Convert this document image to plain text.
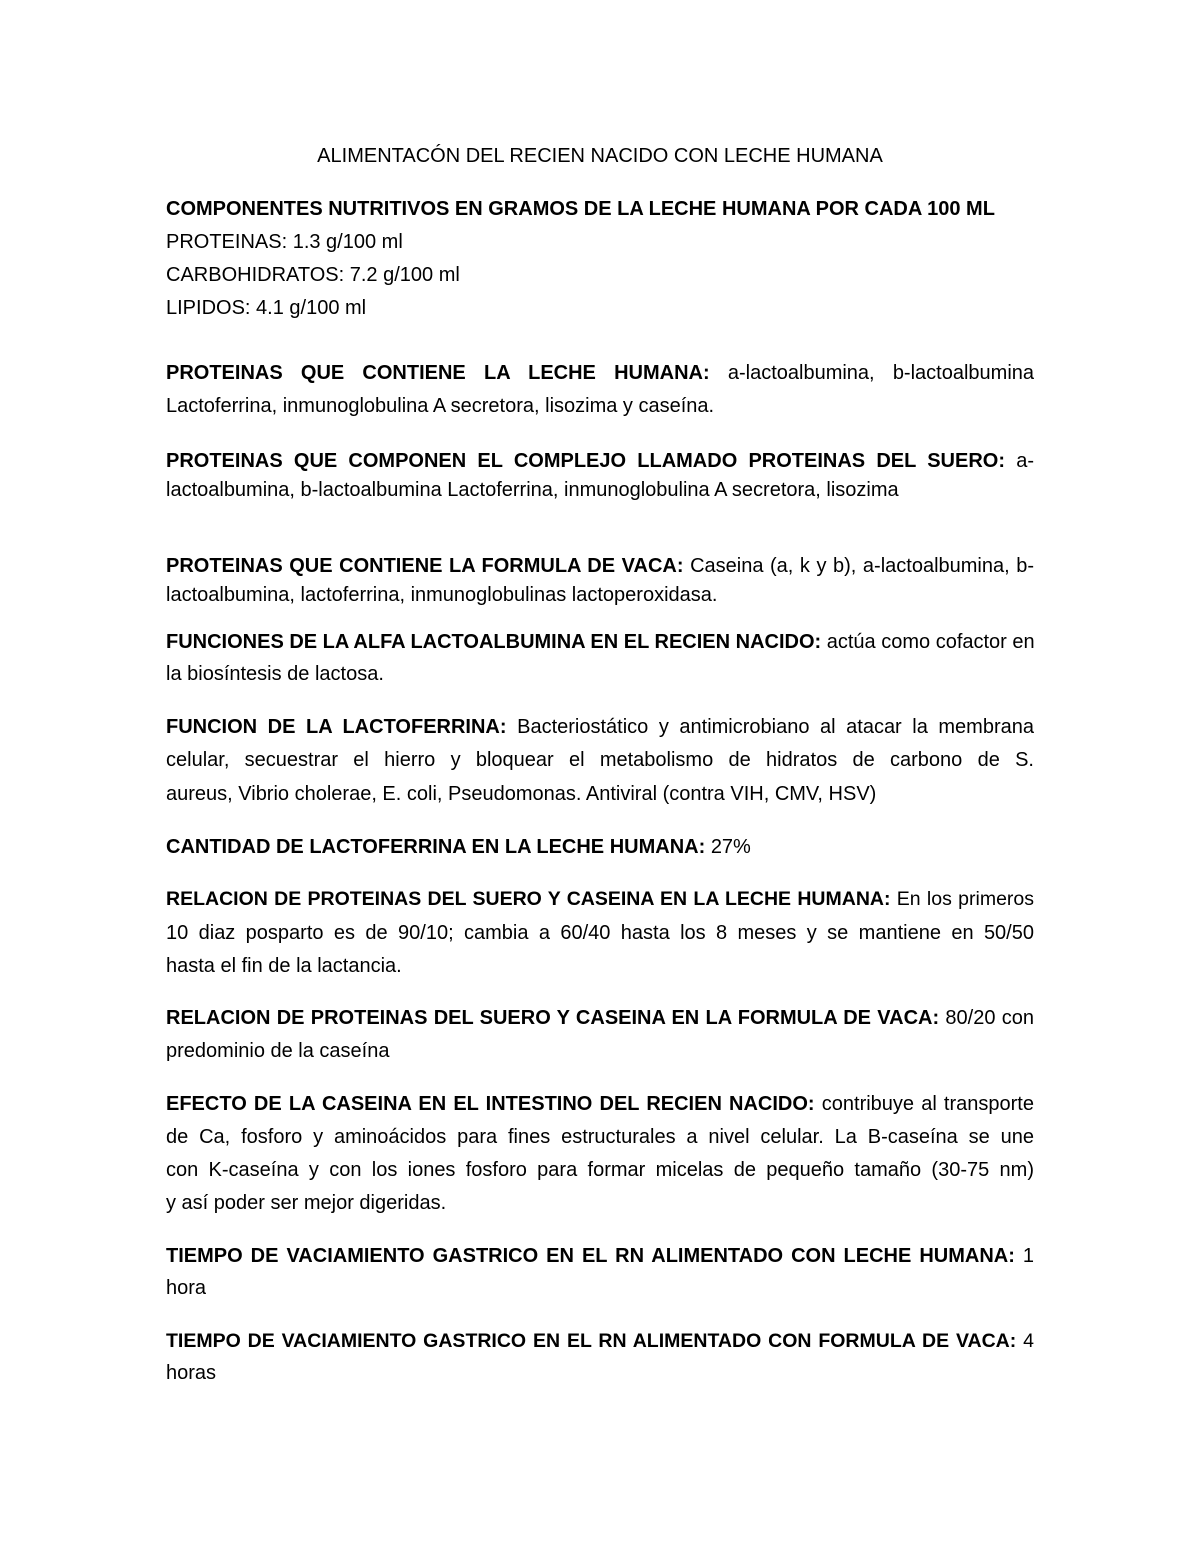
ALIMENTACÓN DEL RECIEN NACIDO CON LECHE HUMANA
COMPONENTES NUTRITIVOS EN GRAMOS DE LA LECHE HUMANA POR CADA 100 ML
PROTEINAS: 1.3 g/100 ml
CARBOHIDRATOS: 7.2 g/100 ml
LIPIDOS: 4.1 g/100 ml
PROTEINAS QUE CONTIENE LA LECHE HUMANA: a-lactoalbumina, b-lactoalbumina
Lactoferrina, inmunoglobulina A secretora, lisozima y caseína.
PROTEINAS QUE COMPONEN EL COMPLEJO LLAMADO PROTEINAS DEL SUERO: a-
lactoalbumina, b-lactoalbumina Lactoferrina, inmunoglobulina A secretora, lisozima
PROTEINAS QUE CONTIENE LA FORMULA DE VACA: Caseina (a, k y b), a-lactoalbumina, b-
lactoalbumina, lactoferrina, inmunoglobulinas lactoperoxidasa.
FUNCIONES DE LA ALFA LACTOALBUMINA EN EL RECIEN NACIDO: actúa como cofactor en
la biosíntesis de lactosa.
FUNCION DE LA LACTOFERRINA: Bacteriostático y antimicrobiano al atacar la membrana
celular, secuestrar el hierro y bloquear el metabolismo de hidratos de carbono de S.
aureus, Vibrio cholerae, E. coli, Pseudomonas. Antiviral (contra VIH, CMV, HSV)
CANTIDAD DE LACTOFERRINA EN LA LECHE HUMANA: 27%
RELACION DE PROTEINAS DEL SUERO Y CASEINA EN LA LECHE HUMANA: En los primeros
10 diaz posparto es de 90/10; cambia a 60/40 hasta los 8 meses y se mantiene en 50/50
hasta el fin de la lactancia.
RELACION DE PROTEINAS DEL SUERO Y CASEINA EN LA FORMULA DE VACA: 80/20 con
predominio de la caseína
EFECTO DE LA CASEINA EN EL INTESTINO DEL RECIEN NACIDO: contribuye al transporte
de Ca, fosforo y aminoácidos para fines estructurales a nivel celular. La B-caseína se une
con K-caseína y con los iones fosforo para formar micelas de pequeño tamaño (30-75 nm)
y así poder ser mejor digeridas.
TIEMPO DE VACIAMIENTO GASTRICO EN EL RN ALIMENTADO CON LECHE HUMANA: 1
hora
TIEMPO DE VACIAMIENTO GASTRICO EN EL RN ALIMENTADO CON FORMULA DE VACA: 4
horas
